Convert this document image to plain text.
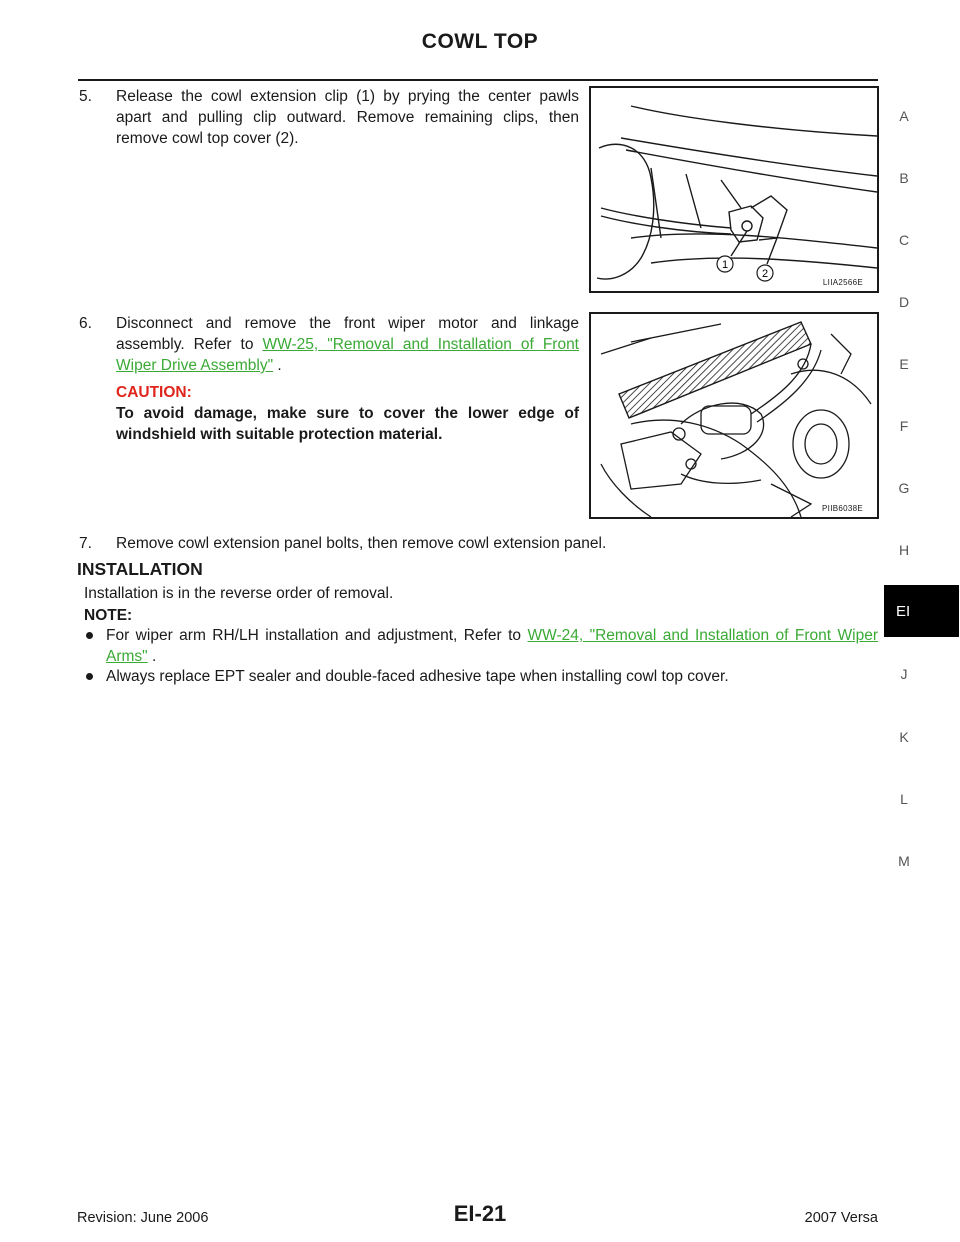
COWL TOP
5. Release the cowl extension clip (1) by prying the center pawls apart and pulling clip outward. Remove remaining clips, then remove cowl top cover (2).
1
2
LIIA2566E
6. Disconnect and remove the front wiper motor and linkage assembly. Refer to WW-25, "Removal and Installation of Front Wiper Drive Assembly" .
CAUTION:
To avoid damage, make sure to cover the lower edge of windshield with suitable protection material.
PIIB6038E
7. Remove cowl extension panel bolts, then remove cowl extension panel.
INSTALLATION
Installation is in the reverse order of removal.
NOTE:
For wiper arm RH/LH installation and adjustment, Refer to WW-24, "Removal and Installation of Front Wiper Arms" .
Always replace EPT sealer and double-faced adhesive tape when installing cowl top cover.
A
B
C
D
E
F
G
H
EI
J
K
L
M
Revision: June 2006	EI-21	2007 Versa
